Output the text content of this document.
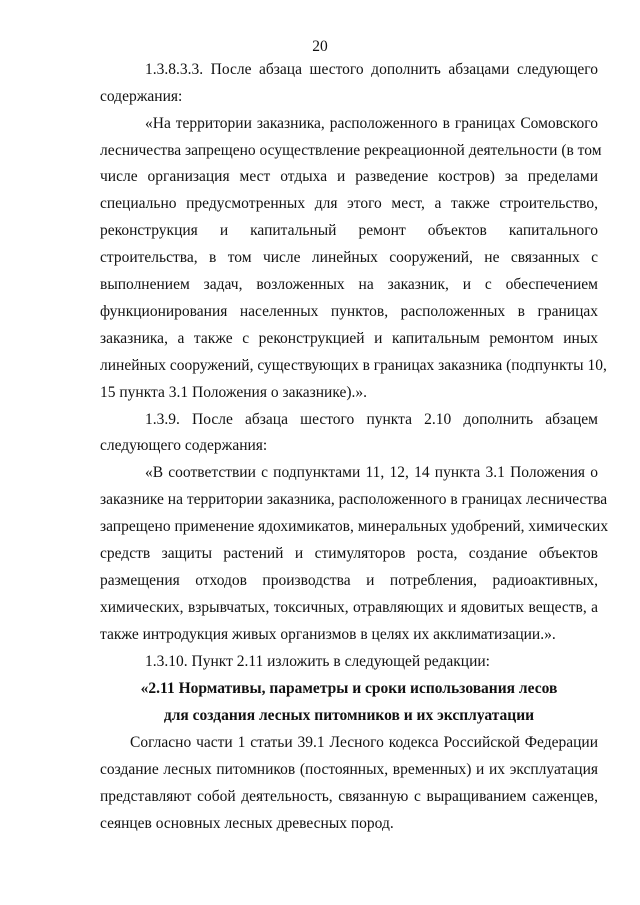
20
1.3.8.3.3. После абзаца шестого дополнить абзацами следующего
содержания:
«На территории заказника, расположенного в границах Сомовского
лесничества запрещено осуществление рекреационной деятельности (в том
числе организация мест отдыха и разведение костров) за пределами
специально предусмотренных для этого мест, а также строительство,
реконструкция и капитальный ремонт объектов капитального
строительства, в том числе линейных сооружений, не связанных с
выполнением задач, возложенных на заказник, и с обеспечением
функционирования населенных пунктов, расположенных в границах
заказника, а также с реконструкцией и капитальным ремонтом иных
линейных сооружений, существующих в границах заказника (подпункты 10,
15 пункта 3.1 Положения о заказнике).».
1.3.9. После абзаца шестого пункта 2.10 дополнить абзацем
следующего содержания:
«В соответствии с подпунктами 11, 12, 14 пункта 3.1 Положения о
заказнике на территории заказника, расположенного в границах лесничества
запрещено применение ядохимикатов, минеральных удобрений, химических
средств защиты растений и стимуляторов роста, создание объектов
размещения отходов производства и потребления, радиоактивных,
химических, взрывчатых, токсичных, отравляющих и ядовитых веществ, а
также интродукция живых организмов в целях их акклиматизации.».
1.3.10. Пункт 2.11 изложить в следующей редакции:
«2.11 Нормативы, параметры и сроки использования лесов
для создания лесных питомников и их эксплуатации
Согласно части 1 статьи 39.1 Лесного кодекса Российской Федерации
создание лесных питомников (постоянных, временных) и их эксплуатация
представляют собой деятельность, связанную с выращиванием саженцев,
сеянцев основных лесных древесных пород.
